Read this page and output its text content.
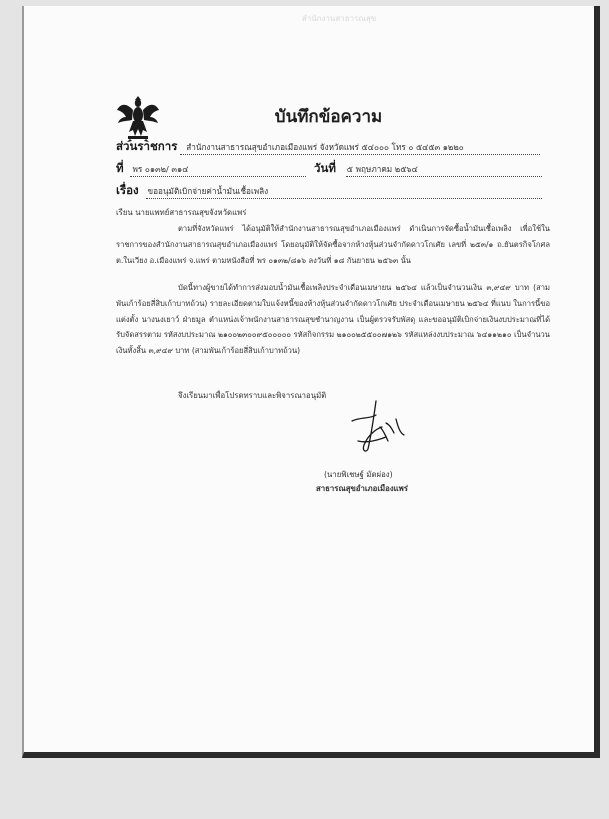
สำนักงานสาธารณสุข
บันทึกข้อความ
ส่วนราชการ สำนักงานสาธารณสุขอำเภอเมืองแพร่ จังหวัดแพร่ ๕๔๐๐๐ โทร ๐ ๕๔๕๓ ๑๒๒๐
ที่ พร ๐๑๓๒/ ๓๑๔	วันที่ ๕ พฤษภาคม ๒๕๖๔
เรื่อง ขออนุมัติเบิกจ่ายค่าน้ำมันเชื้อเพลิง
เรียน นายแพทย์สาธารณสุขจังหวัดแพร่

ตามที่จังหวัดแพร่ ได้อนุมัติให้สำนักงานสาธารณสุขอำเภอเมืองแพร่ ดำเนินการจัดซื้อน้ำมันเชื้อเพลิง เพื่อใช้ในราชการของสำนักงานสาธารณสุขอำเภอเมืองแพร่ โดยอนุมัติให้จัดซื้อจากห้างหุ้นส่วนจำกัดดาวโกเศัย เลขที่ ๒๕๓/๑ ถ.ยันตรกิจโกศล ต.ในเวียง อ.เมืองแพร่ จ.แพร่ ตามหนังสือที่ พร ๐๑๓๒/๘๑๖ ลงวันที่ ๑๘ กันยายน ๒๕๖๓ นั้น

บัดนี้ทางผู้ขายได้ทำการส่งมอบน้ำมันเชื้อเพลิงประจำเดือนเมษายน ๒๕๖๔ แล้วเป็นจำนวนเงิน ๓,๙๔๙ บาท (สามพันเก้าร้อยสี่สิบเก้าบาทถ้วน) รายละเอียดตามใบแจ้งหนี้ของห้างหุ้นส่วนจำกัดดาวโกเศัย ประจำเดือนเมษายน ๒๕๖๔ ที่แนบ ในการนี้ขอแต่งตั้ง นางนงเยาว์ ฝ่ายมูล ตำแหน่งเจ้าพนักงานสาธารณสุขชำนาญงาน เป็นผู้ตรวจรับพัสดุ และขออนุมัติเบิกจ่ายเงินงบประมาณที่ได้รับจัดสรรตาม รหัสงบประมาณ ๒๑๐๐๒๓๐๐๙๕๐๐๐๐๐ รหัสกิจกรรม ๒๑๐๐๒๕๕๐๐๗๑๒๖ รหัสแหล่งงบประมาณ ๖๔๑๑๒๑๐ เป็นจำนวนเงินทั้งสิ้น ๓,๙๔๙ บาท (สามพันเก้าร้อยสี่สิบเก้าบาทถ้วน)

จึงเรียนมาเพื่อโปรดทราบและพิจารณาอนุมัติ
(นายพิเชษฐ์ มัดผ่อง)
สาธารณสุขอำเภอเมืองแพร่
